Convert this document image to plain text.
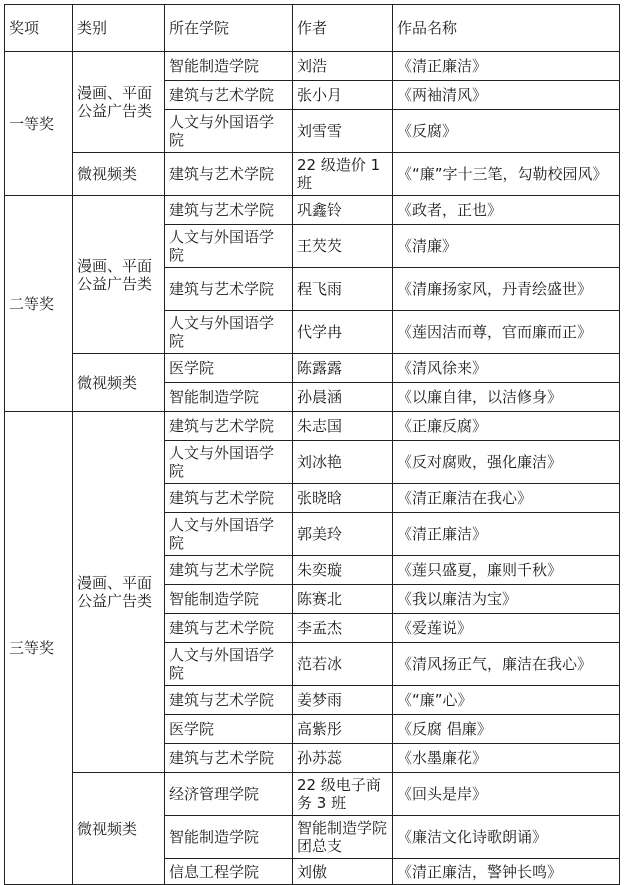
奖项	类别	所在学院	作者	作品名称
一等奖	漫画、平面公益广告类	智能制造学院	刘浩	《清正廉洁》
		建筑与艺术学院	张小月	《两袖清风》
		人文与外国语学院	刘雪雪	《反腐》
	微视频类	建筑与艺术学院	22 级造价 1 班	《“廉”字十三笔，勾勒校园风》
二等奖	漫画、平面公益广告类	建筑与艺术学院	巩鑫铃	《政者，正也》
		人文与外国语学院	王芡芡	《清廉》
		建筑与艺术学院	程飞雨	《清廉扬家风，丹青绘盛世》
		人文与外国语学院	代学冉	《莲因洁而尊，官而廉而正》
	微视频类	医学院	陈露露	《清风徐来》
		智能制造学院	孙晨涵	《以廉自律，以洁修身》
三等奖	漫画、平面公益广告类	建筑与艺术学院	朱志国	《正廉反腐》
		人文与外国语学院	刘冰艳	《反对腐败，强化廉洁》
		建筑与艺术学院	张晓晗	《清正廉洁在我心》
		人文与外国语学院	郭美玲	《清正廉洁》
		建筑与艺术学院	朱奕璇	《莲只盛夏，廉则千秋》
		智能制造学院	陈赛北	《我以廉洁为宝》
		建筑与艺术学院	李孟杰	《爱莲说》
		人文与外国语学院	范若冰	《清风扬正气，廉洁在我心》
		建筑与艺术学院	姜梦雨	《“廉”心》
		医学院	高紫彤	《反腐 倡廉》
		建筑与艺术学院	孙苏蕊	《水墨廉花》
	微视频类	经济管理学院	22 级电子商务 3 班	《回头是岸》
		智能制造学院	智能制造学院团总支	《廉洁文化诗歌朗诵》
		信息工程学院	刘傲	《清正廉洁，警钟长鸣》
